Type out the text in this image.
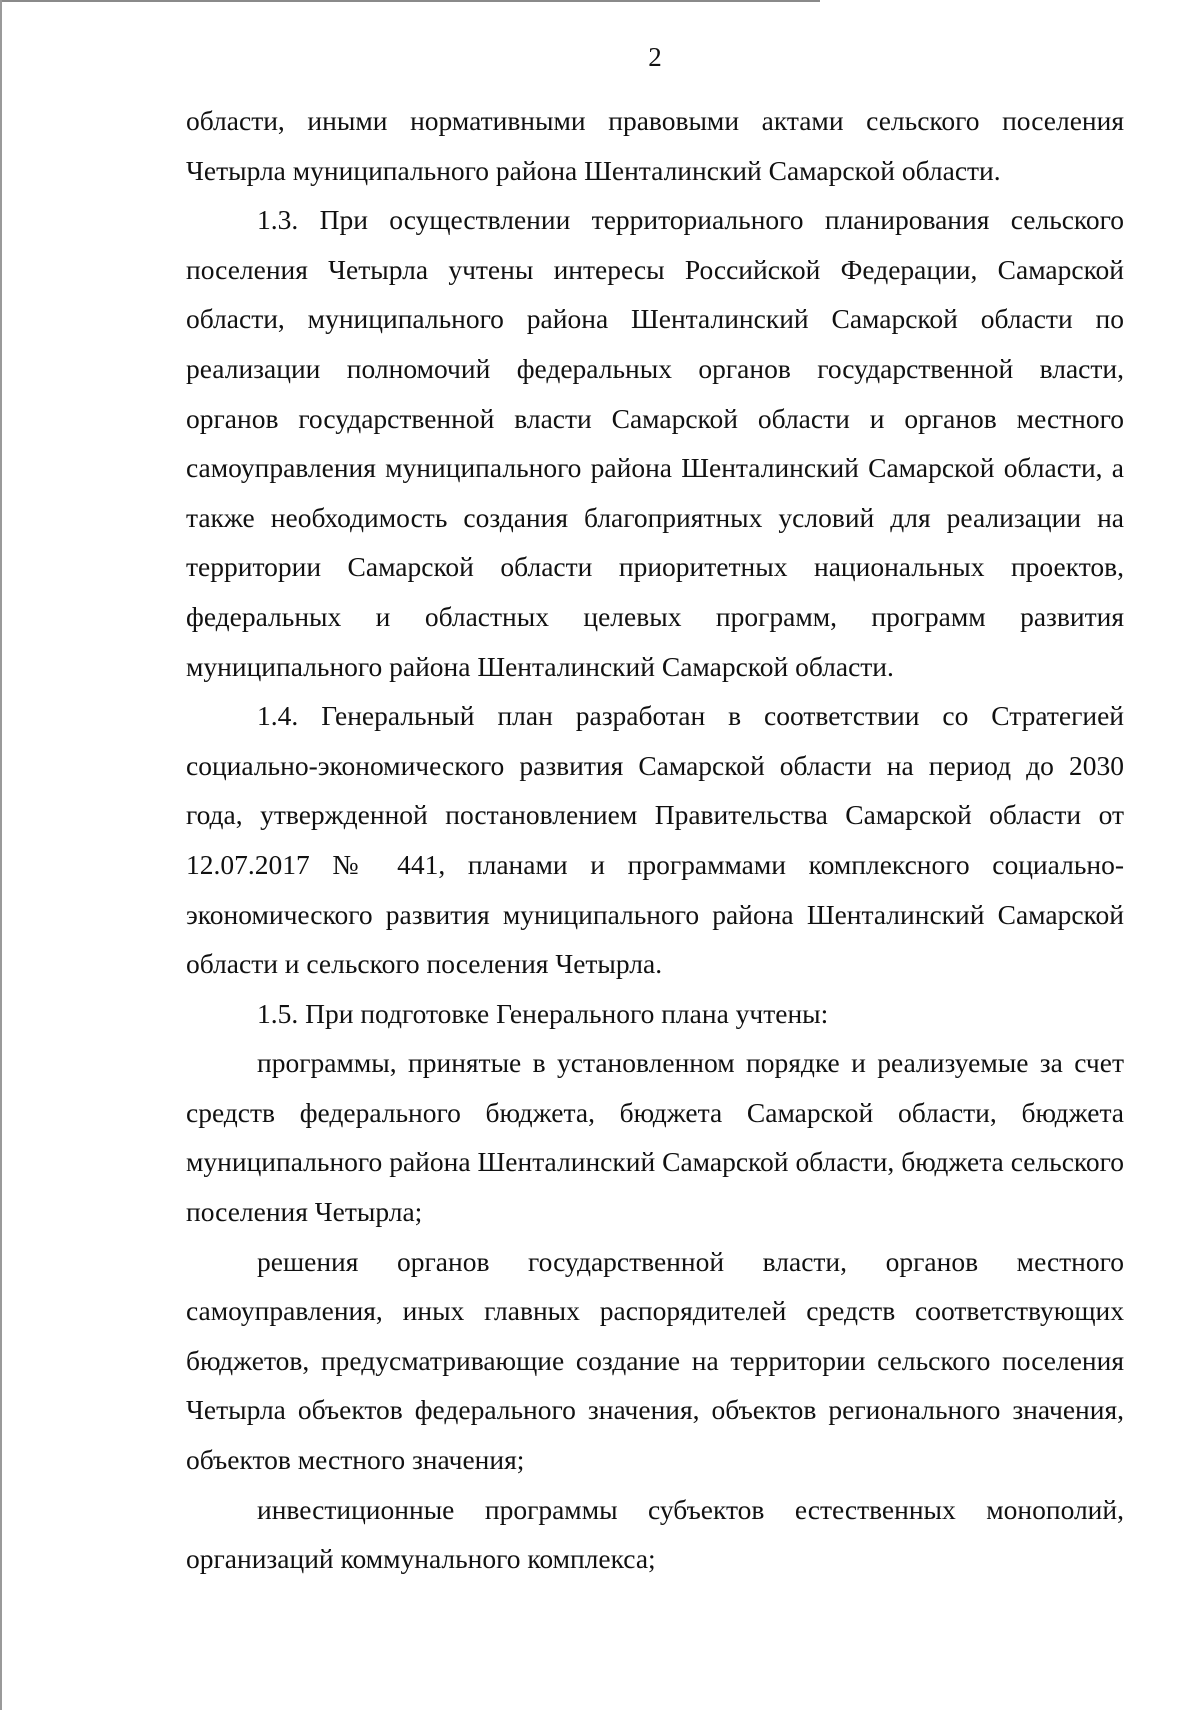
2

области, иными нормативными правовыми актами сельского поселения Четырла муниципального района Шенталинский Самарской области.

1.3. При осуществлении территориального планирования сельского поселения Четырла учтены интересы Российской Федерации, Самарской области, муниципального района Шенталинский Самарской области по реализации полномочий федеральных органов государственной власти, органов государственной власти Самарской области и органов местного самоуправления муниципального района Шенталинский Самарской области, а также необходимость создания благоприятных условий для реализации на территории Самарской области приоритетных национальных проектов, федеральных и областных целевых программ, программ развития муниципального района Шенталинский Самарской области.

1.4. Генеральный план разработан в соответствии со Стратегией социально-экономического развития Самарской области на период до 2030 года, утвержденной постановлением Правительства Самарской области от 12.07.2017 № 441, планами и программами комплексного социально-экономического развития муниципального района Шенталинский Самарской области и сельского поселения Четырла.

1.5. При подготовке Генерального плана учтены:

программы, принятые в установленном порядке и реализуемые за счет средств федерального бюджета, бюджета Самарской области, бюджета муниципального района Шенталинский Самарской области, бюджета сельского поселения Четырла;

решения органов государственной власти, органов местного самоуправления, иных главных распорядителей средств соответствующих бюджетов, предусматривающие создание на территории сельского поселения Четырла объектов федерального значения, объектов регионального значения, объектов местного значения;

инвестиционные программы субъектов естественных монополий, организаций коммунального комплекса;
